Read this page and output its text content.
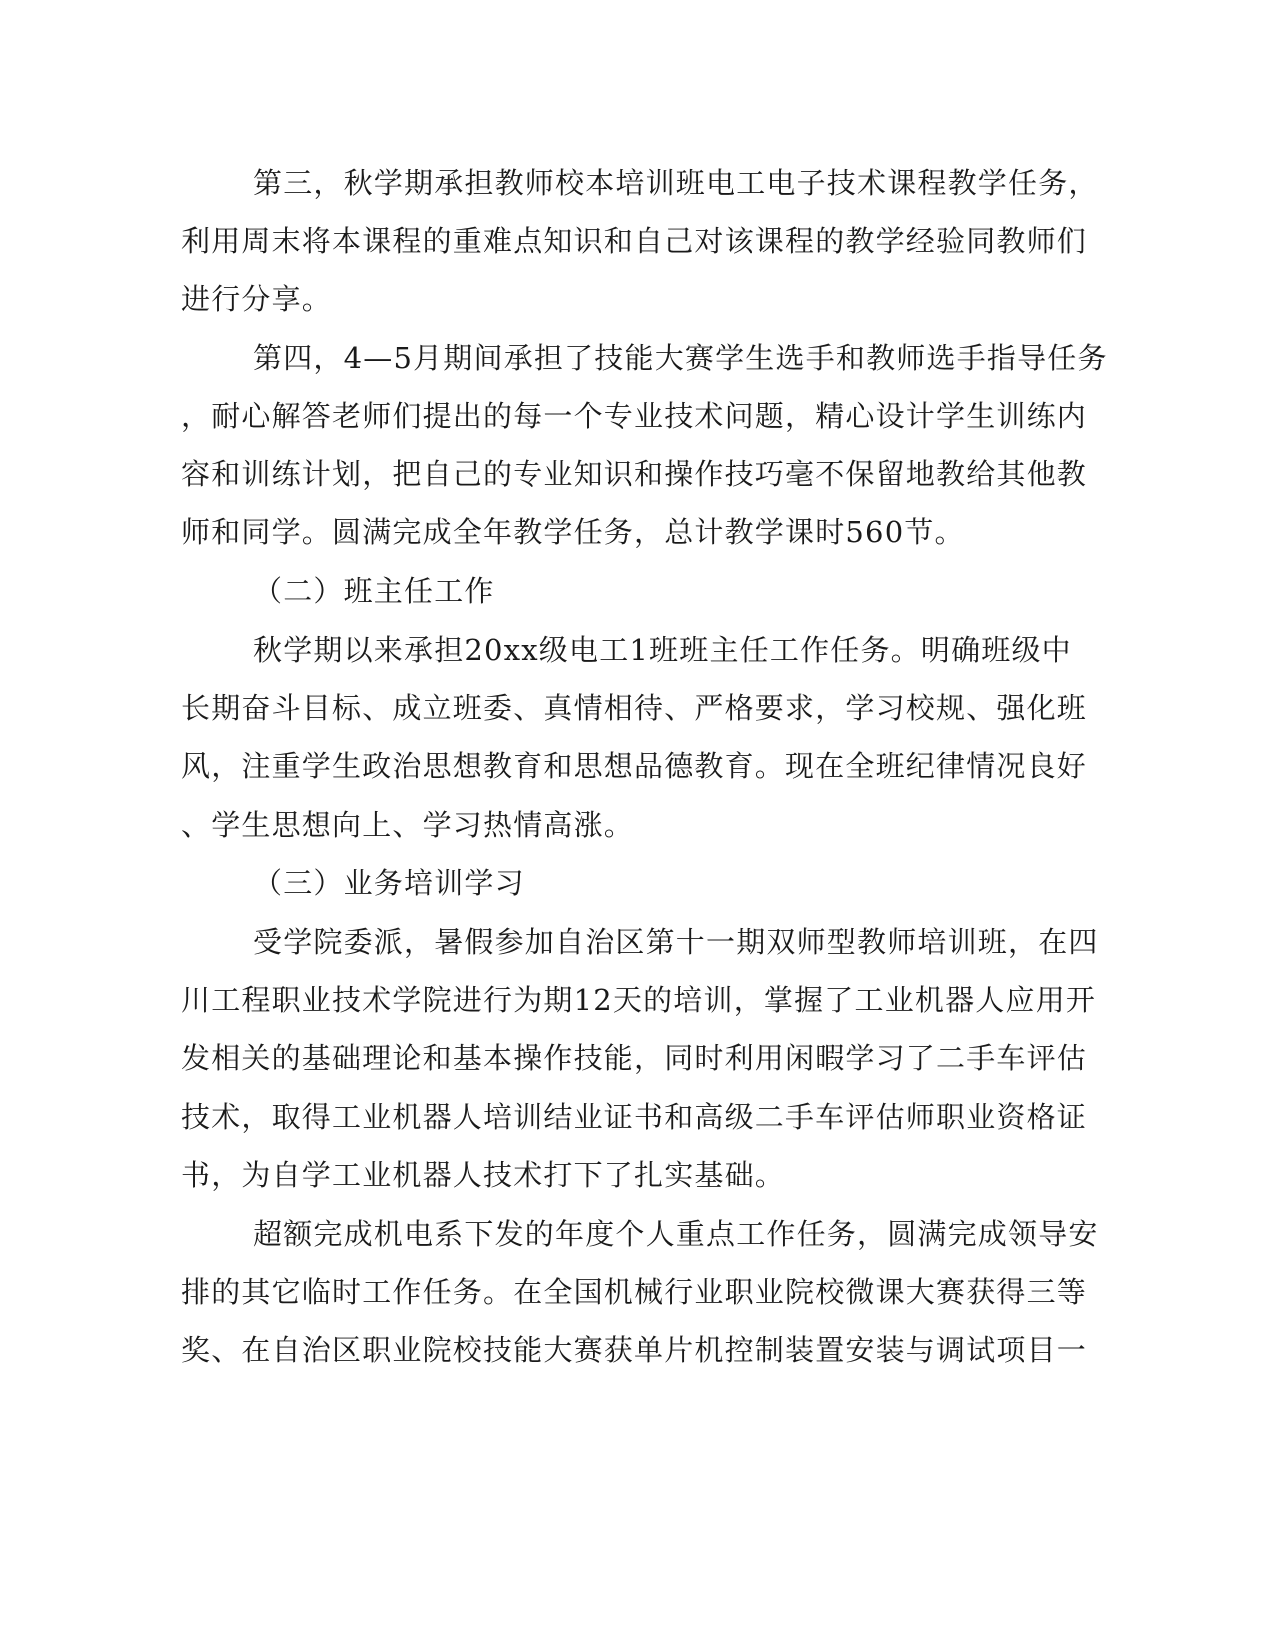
第三，秋学期承担教师校本培训班电工电子技术课程教学任务，
利用周末将本课程的重难点知识和自己对该课程的教学经验同教师们
进行分享。
第四，4—5月期间承担了技能大赛学生选手和教师选手指导任务
，耐心解答老师们提出的每一个专业技术问题，精心设计学生训练内
容和训练计划，把自己的专业知识和操作技巧毫不保留地教给其他教
师和同学。圆满完成全年教学任务，总计教学课时560节。
（二）班主任工作
秋学期以来承担20xx级电工1班班主任工作任务。明确班级中
长期奋斗目标、成立班委、真情相待、严格要求，学习校规、强化班
风，注重学生政治思想教育和思想品德教育。现在全班纪律情况良好
、学生思想向上、学习热情高涨。
（三）业务培训学习
受学院委派，暑假参加自治区第十一期双师型教师培训班，在四
川工程职业技术学院进行为期12天的培训，掌握了工业机器人应用开
发相关的基础理论和基本操作技能，同时利用闲暇学习了二手车评估
技术，取得工业机器人培训结业证书和高级二手车评估师职业资格证
书，为自学工业机器人技术打下了扎实基础。
超额完成机电系下发的年度个人重点工作任务，圆满完成领导安
排的其它临时工作任务。在全国机械行业职业院校微课大赛获得三等
奖、在自治区职业院校技能大赛获单片机控制装置安装与调试项目一
